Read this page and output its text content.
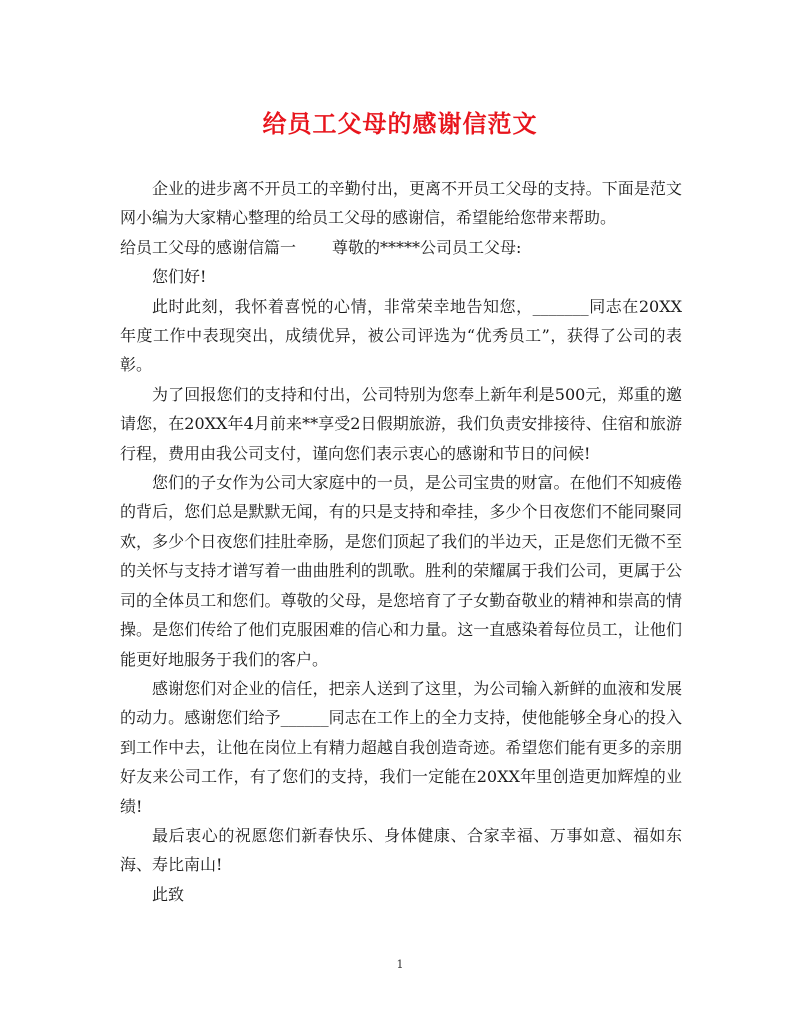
给员工父母的感谢信范文

企业的进步离不开员工的辛勤付出，更离不开员工父母的支持。下面是范文网小编为大家精心整理的给员工父母的感谢信，希望能给您带来帮助。

给员工父母的感谢信篇一 尊敬的*****公司员工父母:

您们好!

此时此刻，我怀着喜悦的心情，非常荣幸地告知您，_______同志在20XX年度工作中表现突出，成绩优异，被公司评选为“优秀员工”，获得了公司的表彰。

为了回报您们的支持和付出，公司特别为您奉上新年利是500元，郑重的邀请您，在20XX年4月前来**享受2日假期旅游，我们负责安排接待、住宿和旅游行程，费用由我公司支付，谨向您们表示衷心的感谢和节日的问候!

您们的子女作为公司大家庭中的一员，是公司宝贵的财富。在他们不知疲倦的背后，您们总是默默无闻，有的只是支持和牵挂，多少个日夜您们不能同聚同欢，多少个日夜您们挂肚牵肠，是您们顶起了我们的半边天，正是您们无微不至的关怀与支持才谱写着一曲曲胜利的凯歌。胜利的荣耀属于我们公司，更属于公司的全体员工和您们。尊敬的父母，是您培育了子女勤奋敬业的精神和崇高的情操。是您们传给了他们克服困难的信心和力量。这一直感染着每位员工，让他们能更好地服务于我们的客户。

感谢您们对企业的信任，把亲人送到了这里，为公司输入新鲜的血液和发展的动力。感谢您们给予______同志在工作上的全力支持，使他能够全身心的投入到工作中去，让他在岗位上有精力超越自我创造奇迹。希望您们能有更多的亲朋好友来公司工作，有了您们的支持，我们一定能在20XX年里创造更加辉煌的业绩!

最后衷心的祝愿您们新春快乐、身体健康、合家幸福、万事如意、福如东海、寿比南山!

此致

1
